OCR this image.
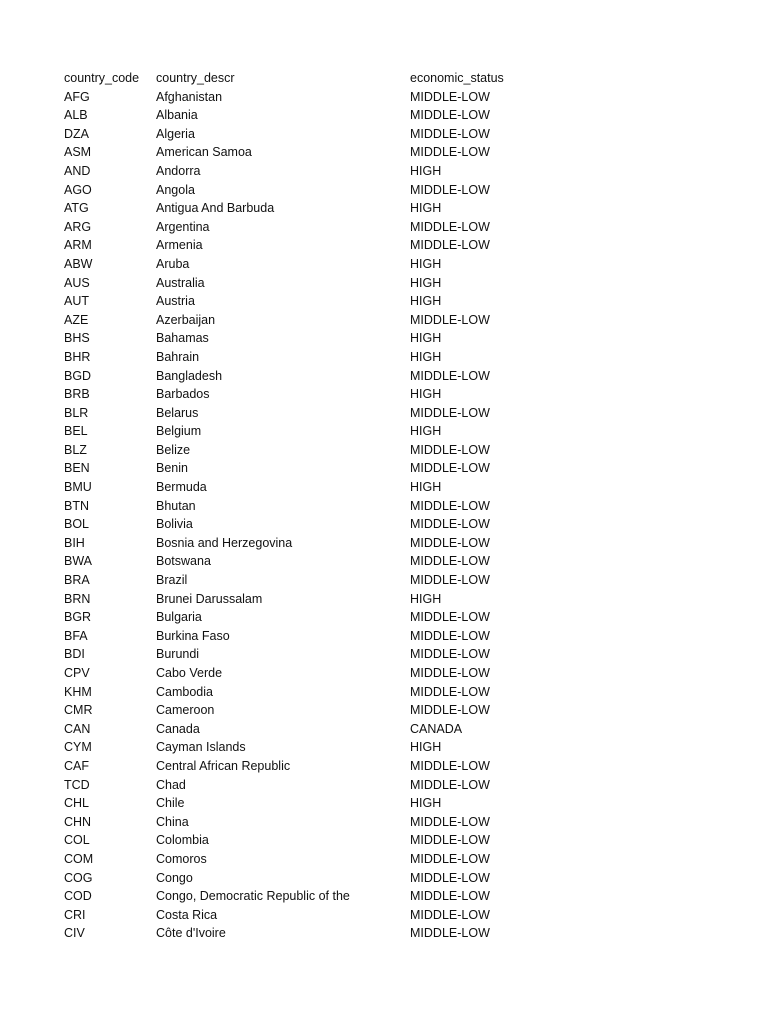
country_code country_descr	economic_status
AFG	Afghanistan	MIDDLE-LOW
ALB	Albania	MIDDLE-LOW
DZA	Algeria	MIDDLE-LOW
ASM	American Samoa	MIDDLE-LOW
AND	Andorra	HIGH
AGO	Angola	MIDDLE-LOW
ATG	Antigua And Barbuda	HIGH
ARG	Argentina	MIDDLE-LOW
ARM	Armenia	MIDDLE-LOW
ABW	Aruba	HIGH
AUS	Australia	HIGH
AUT	Austria	HIGH
AZE	Azerbaijan	MIDDLE-LOW
BHS	Bahamas	HIGH
BHR	Bahrain	HIGH
BGD	Bangladesh	MIDDLE-LOW
BRB	Barbados	HIGH
BLR	Belarus	MIDDLE-LOW
BEL	Belgium	HIGH
BLZ	Belize	MIDDLE-LOW
BEN	Benin	MIDDLE-LOW
BMU	Bermuda	HIGH
BTN	Bhutan	MIDDLE-LOW
BOL	Bolivia	MIDDLE-LOW
BIH	Bosnia and Herzegovina	MIDDLE-LOW
BWA	Botswana	MIDDLE-LOW
BRA	Brazil	MIDDLE-LOW
BRN	Brunei Darussalam	HIGH
BGR	Bulgaria	MIDDLE-LOW
BFA	Burkina Faso	MIDDLE-LOW
BDI	Burundi	MIDDLE-LOW
CPV	Cabo Verde	MIDDLE-LOW
KHM	Cambodia	MIDDLE-LOW
CMR	Cameroon	MIDDLE-LOW
CAN	Canada	CANADA
CYM	Cayman Islands	HIGH
CAF	Central African Republic	MIDDLE-LOW
TCD	Chad	MIDDLE-LOW
CHL	Chile	HIGH
CHN	China	MIDDLE-LOW
COL	Colombia	MIDDLE-LOW
COM	Comoros	MIDDLE-LOW
COG	Congo	MIDDLE-LOW
COD	Congo, Democratic Republic of the	MIDDLE-LOW
CRI	Costa Rica	MIDDLE-LOW
CIV	Côte d'Ivoire	MIDDLE-LOW
